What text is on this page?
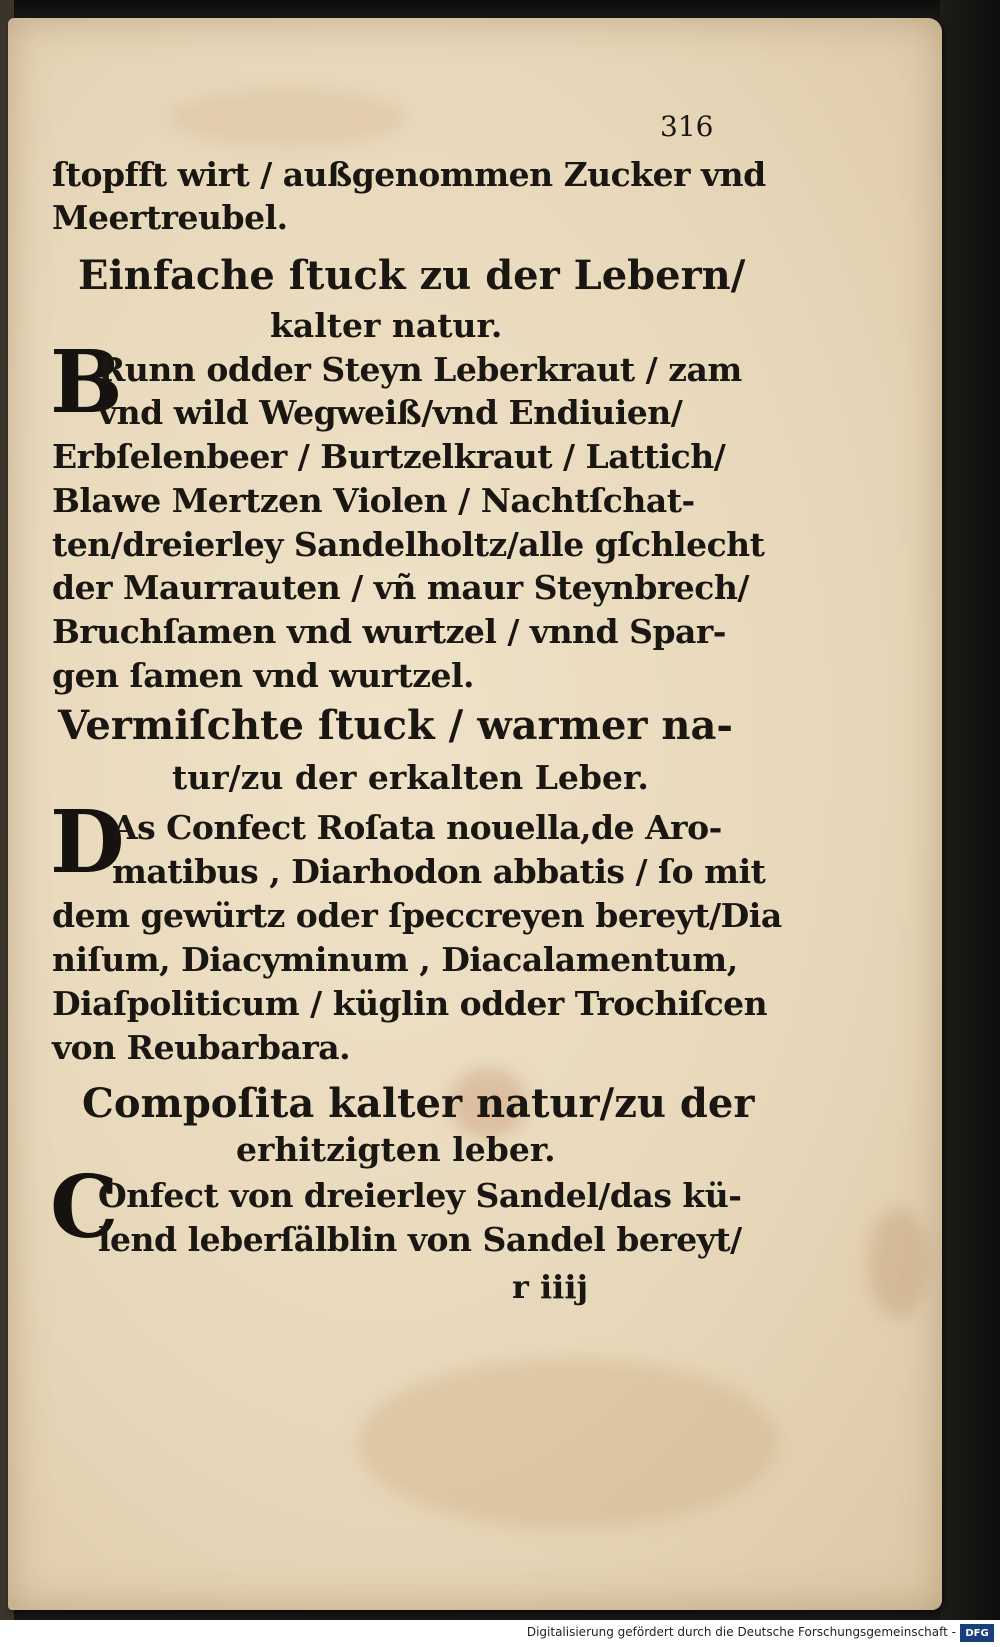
316
ſtopfft wirt / außgenommen Zucker vnd
Meertreubel.
Einfache ſtuck zu der Lebern/
kalter natur.
B
Runn odder Steyn Leberkraut / zam
vnd wild Wegweiß/vnd Endiuien/
Erbſelenbeer / Burtzelkraut / Lattich/
Blawe Mertzen Violen / Nachtſchat-
ten/dreierley Sandelholtz/alle gſchlecht
der Maurrauten / vñ maur Steynbrech/
Bruchſamen vnd wurtzel / vnnd Spar-
gen ſamen vnd wurtzel.
Vermiſchte ſtuck / warmer na-
tur/zu der erkalten Leber.
D
As Confect Roſata nouella,de Aro-
matibus , Diarhodon abbatis / ſo mit
dem gewürtz oder ſpeccreyen bereyt/Dia
niſum, Diacyminum , Diacalamentum,
Diaſpoliticum / küglin odder Trochiſcen
von Reubarbara.
Compoſita kalter natur/zu der
erhitzigten leber.
C
Onfect von dreierley Sandel/das kü-
lend leberſälblin von Sandel bereyt/
r iiij
Digitalisierung gefördert durch die Deutsche Forschungsgemeinschaft - DFG
